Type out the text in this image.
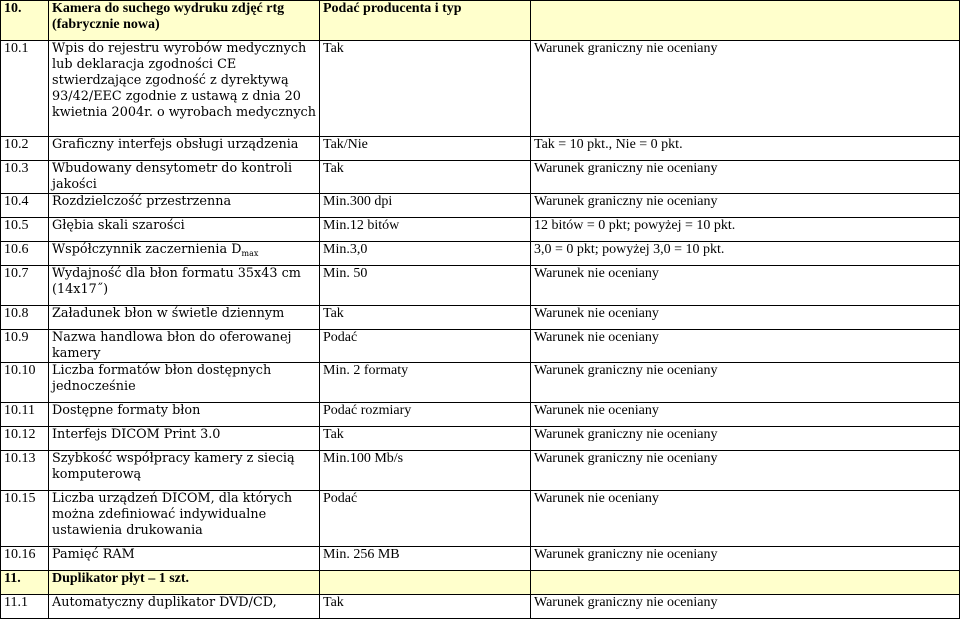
10.	Kamera do suchego wydruku zdjęć rtg (fabrycznie nowa)	Podać producenta i typ	
10.1	Wpis do rejestru wyrobów medycznych lub deklaracja zgodności CE stwierdzające zgodność z dyrektywą 93/42/EEC zgodnie z ustawą z dnia 20 kwietnia 2004r. o wyrobach medycznych	Tak	Warunek graniczny nie oceniany
10.2	Graficzny interfejs obsługi urządzenia	Tak/Nie	Tak = 10 pkt., Nie = 0 pkt.
10.3	Wbudowany densytometr do kontroli jakości	Tak	Warunek graniczny nie oceniany
10.4	Rozdzielczość przestrzenna	Min.300 dpi	Warunek graniczny nie oceniany
10.5	Głębia skali szarości	Min.12 bitów	12 bitów = 0 pkt; powyżej = 10 pkt.
10.6	Współczynnik zaczernienia $D_{max}$	Min.3,0	3,0 = 0 pkt; powyżej 3,0 = 10 pkt.
10.7	Wydajność dla błon formatu 35x43 cm (14x17˝)	Min. 50	Warunek nie oceniany
10.8	Załadunek błon w świetle dziennym	Tak	Warunek nie oceniany
10.9	Nazwa handlowa błon do oferowanej kamery	Podać	Warunek nie oceniany
10.10	Liczba formatów błon dostępnych jednocześnie	Min. 2 formaty	Warunek graniczny nie oceniany
10.11	Dostępne formaty błon	Podać rozmiary	Warunek nie oceniany
10.12	Interfejs DICOM Print 3.0	Tak	Warunek graniczny nie oceniany
10.13	Szybkość współpracy kamery z siecią komputerową	Min.100 Mb/s	Warunek graniczny nie oceniany
10.15	Liczba urządzeń DICOM, dla których można zdefiniować indywidualne ustawienia drukowania	Podać	Warunek nie oceniany
10.16	Pamięć RAM	Min. 256 MB	Warunek graniczny nie oceniany
11.	Duplikator płyt – 1 szt.		
11.1	Automatyczny duplikator DVD/CD,	Tak	Warunek graniczny nie oceniany
